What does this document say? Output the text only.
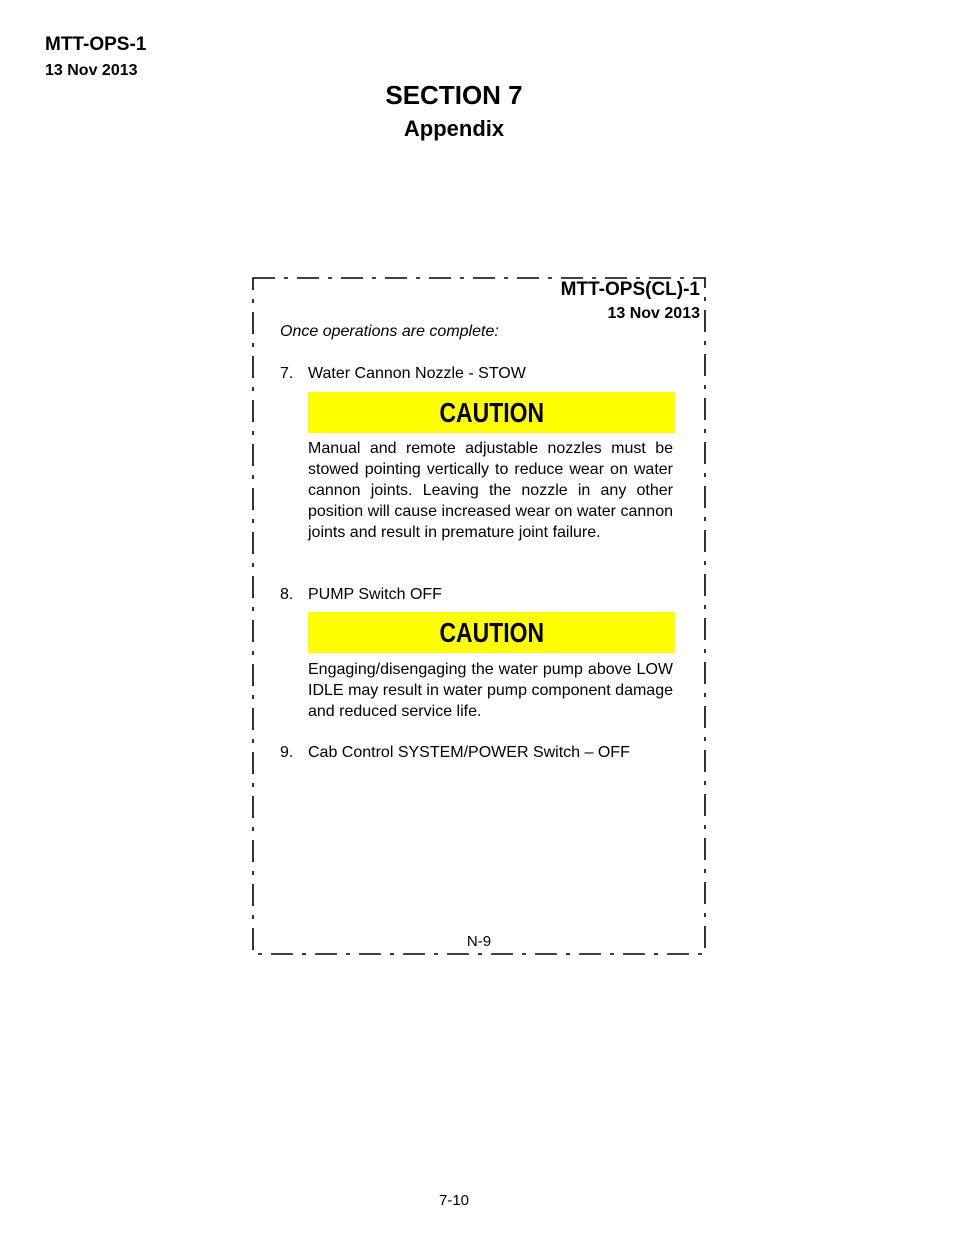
MTT-OPS-1
13 Nov 2013
SECTION 7
Appendix
MTT-OPS(CL)-1
13 Nov 2013
Once operations are complete:
7. Water Cannon Nozzle - STOW
CAUTION
Manual and remote adjustable nozzles must be stowed pointing vertically to reduce wear on water cannon joints. Leaving the nozzle in any other position will cause increased wear on water cannon joints and result in premature joint failure.
8. PUMP Switch OFF
CAUTION
Engaging/disengaging the water pump above LOW IDLE may result in water pump component damage and reduced service life.
9. Cab Control SYSTEM/POWER Switch – OFF
N-9
7-10
